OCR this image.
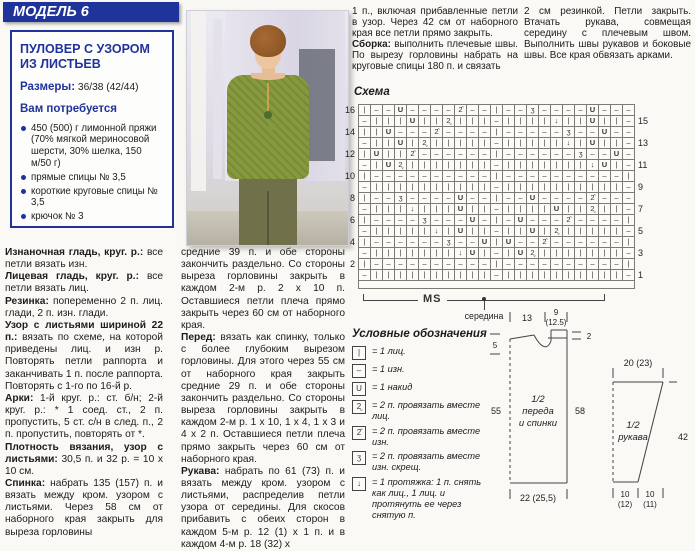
МОДЕЛЬ 6

ПУЛОВЕР С УЗОРОМ ИЗ ЛИСТЬЕВ

Размеры: 36/38 (42/44)
Вам потребуется
450 (500) г лимонной пряжи (70% мягкой мериносовой шерсти, 30% шелка, 150 м/50 г)
прямые спицы № 3,5
короткие круговые спицы № 3,5
крючок № 3

Изнаночная гладь, круг. р.: все петли вязать изн.

Лицевая гладь, круг. р.: все петли вязать лиц.

Резинка: попеременно 2 п. лиц. глади, 2 п. изн. глади.

Узор с листьями шириной 22 п.: вязать по схеме, на которой приведены лиц. и изн р. Повторять петли раппорта и заканчивать 1 п. после раппорта. Повторять с 1-го по 16-й р.

Арки: 1-й круг. р.: ст. б/н; 2-й круг. р.: * 1 соед. ст., 2 п. пропустить, 5 ст. с/н в след. п., 2 п. пропустить, повторять от *.

Плотность вязания, узор с листьями: 30,5 п. и 32 р. = 10 х 10 см.

Спинка: набрать 135 (157) п. и вязать между кром. узором с листьями. Через 58 см от наборного края закрыть для выреза горловины

средние 39 п. и обе стороны закончить раздельно. Со стороны выреза горловины закрыть в каждом 2-м р. 2 х 10 п. Оставшиеся петли плеча прямо закрыть через 60 см от наборного края.

Перед: вязать как спинку, только с более глубоким вырезом горловины. Для этого через 55 см от наборного края закрыть средние 29 п. и обе стороны закончить раздельно. Со стороны выреза горловины закрыть в каждом 2-м р. 1 х 10, 1 х 4, 1 х 3 и 4 х 2 п. Оставшиеся петли плеча прямо закрыть через 60 см от наборного края.

Рукава: набрать по 61 (73) п. и вязать между кром. узором с листьями, распределив петли узора от середины. Для скосов прибавить с обеих сторон в каждом 5-м р. 12 (1) х 1 п. и в каждом 4-м р. 18 (32) х

1 п., включая прибавленные петли в узор. Через 42 см от наборного края все петли прямо закрыть.

Сборка: выполнить плечевые швы. По вырезу горловины набрать на круговые спицы 180 п. и связать

2 см резинкой. Петли закрыть. Втачать рукава, совмещая середину с плечевым швом. Выполнить швы рукавов и боковые швы. Все края обвязать арками.

Схема
16	|	–	–	U	–	–	–	–	2̂	–	–	|	–	–	ʒ	–	–	–	–	U	–	–	–	
	–	|	|	|	U	|	|	2̬	|	|	|	–	|	|	|	|	↓	|	|	U	|	|	–	15
14	|	|	U	–	–	–	2̂	–	–	–	–	|	–	–	–	–	–	ʒ	–	–	U	–	–	
	–	|	|	U	|	2̬	|	|	|	|	|	–	|	|	|	|	|	↓	|	U	|	|	–	13
12	|	U	|	|	2̂	–	–	–	–	–	–	|	–	–	–	–	–	–	ʒ	–	–	U	–	
	–	|	U	2̬	|	|	|	|	|	|	|	–	|	|	|	|	|	|	|	↓	U	|	–	11
10	|	–	–	–	–	–	–	–	–	–	–	|	–	–	–	–	–	–	–	–	–	–	|	
	–	|	|	|	|	|	|	|	|	|	|	–	|	|	|	|	|	|	|	|	|	|	–	9
8	|	–	–	ʒ	–	–	–	–	U	–	–	|	–	–	U	–	–	–	–	2̂	–	–	–	
	–	|	|	|	↓	|	|	|	U	|	|	–	|	|	|	|	U	|	|	2̬	|	|	–	7
6	|	–	–	–	–	ʒ	–	–	–	U	–	|	–	U	–	–	–	2̂	–	–	–	–	|	
	–	|	|	|	|	|	↓	|	U	|	|	–	|	|	U	|	2̬	|	|	|	|	|	–	5
4	|	–	–	–	–	–	–	ʒ	–	–	U	|	U	–	–	2̂	–	–	–	–	–	–	|	
	–	|	|	|	|	|	|	|	↓	U	|	–	|	U	2̬	|	|	|	|	|	|	|	–	3
2	|	–	–	–	–	–	–	–	–	–	–	|	–	–	–	–	–	–	–	–	–	–	|	
	–	|	|	|	|	|	|	|	|	|	|	–	|	|	|	|	|	|	|	|	|	|	–	1

MS
середина
Условные обозначения
|	= 1 лиц.
–	= 1 изн.
U	= 1 накид
2̬	= 2 п. провязать вместе лиц.
2̂	= 2 п. провязать вместе изн.
ʒ	= 2 п. провязать вместе изн. скрещ.
↓	= 1 протяжка: 1 п. снять как лиц., 1 лиц. и протянуть ее через снятую п.
13
9
(12.5)
5
55	58
2
22 (25,5)
1/2
переда
и спинки
20 (23)
42
1/2
рукава
10
(12)
10
(11)
